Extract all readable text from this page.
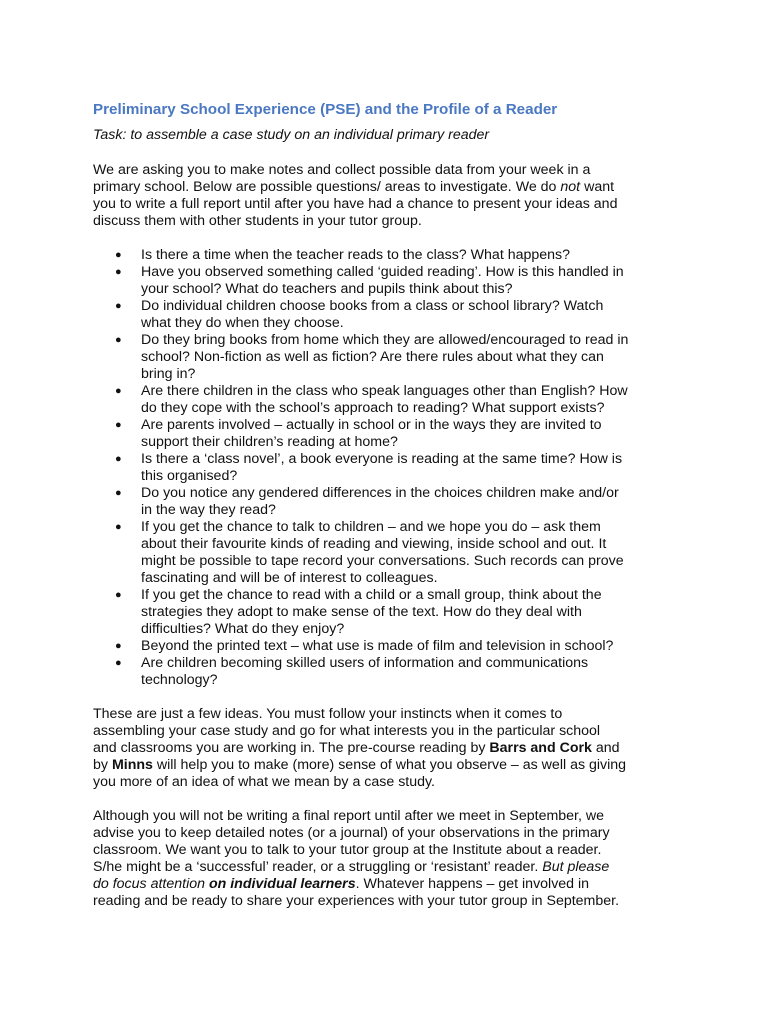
Preliminary School Experience (PSE) and the Profile of a Reader

Task: to assemble a case study on an individual primary reader

We are asking you to make notes and collect possible data from your week in a
primary school. Below are possible questions/ areas to investigate. We do not want
you to write a full report until after you have had a chance to present your ideas and
discuss them with other students in your tutor group.

● Is there a time when the teacher reads to the class? What happens?
● Have you observed something called ‘guided reading’. How is this handled in
your school? What do teachers and pupils think about this?
● Do individual children choose books from a class or school library? Watch
what they do when they choose.
● Do they bring books from home which they are allowed/encouraged to read in
school? Non-fiction as well as fiction? Are there rules about what they can
bring in?
● Are there children in the class who speak languages other than English? How
do they cope with the school’s approach to reading? What support exists?
● Are parents involved – actually in school or in the ways they are invited to
support their children’s reading at home?
● Is there a ‘class novel’, a book everyone is reading at the same time? How is
this organised?
● Do you notice any gendered differences in the choices children make and/or
in the way they read?
● If you get the chance to talk to children – and we hope you do – ask them
about their favourite kinds of reading and viewing, inside school and out. It
might be possible to tape record your conversations. Such records can prove
fascinating and will be of interest to colleagues.
● If you get the chance to read with a child or a small group, think about the
strategies they adopt to make sense of the text. How do they deal with
difficulties? What do they enjoy?
● Beyond the printed text – what use is made of film and television in school?
● Are children becoming skilled users of information and communications
technology?

These are just a few ideas. You must follow your instincts when it comes to
assembling your case study and go for what interests you in the particular school
and classrooms you are working in. The pre-course reading by Barrs and Cork and
by Minns will help you to make (more) sense of what you observe – as well as giving
you more of an idea of what we mean by a case study.

Although you will not be writing a final report until after we meet in September, we
advise you to keep detailed notes (or a journal) of your observations in the primary
classroom. We want you to talk to your tutor group at the Institute about a reader.
S/he might be a ‘successful’ reader, or a struggling or ‘resistant’ reader. But please
do focus attention on individual learners. Whatever happens – get involved in
reading and be ready to share your experiences with your tutor group in September.
